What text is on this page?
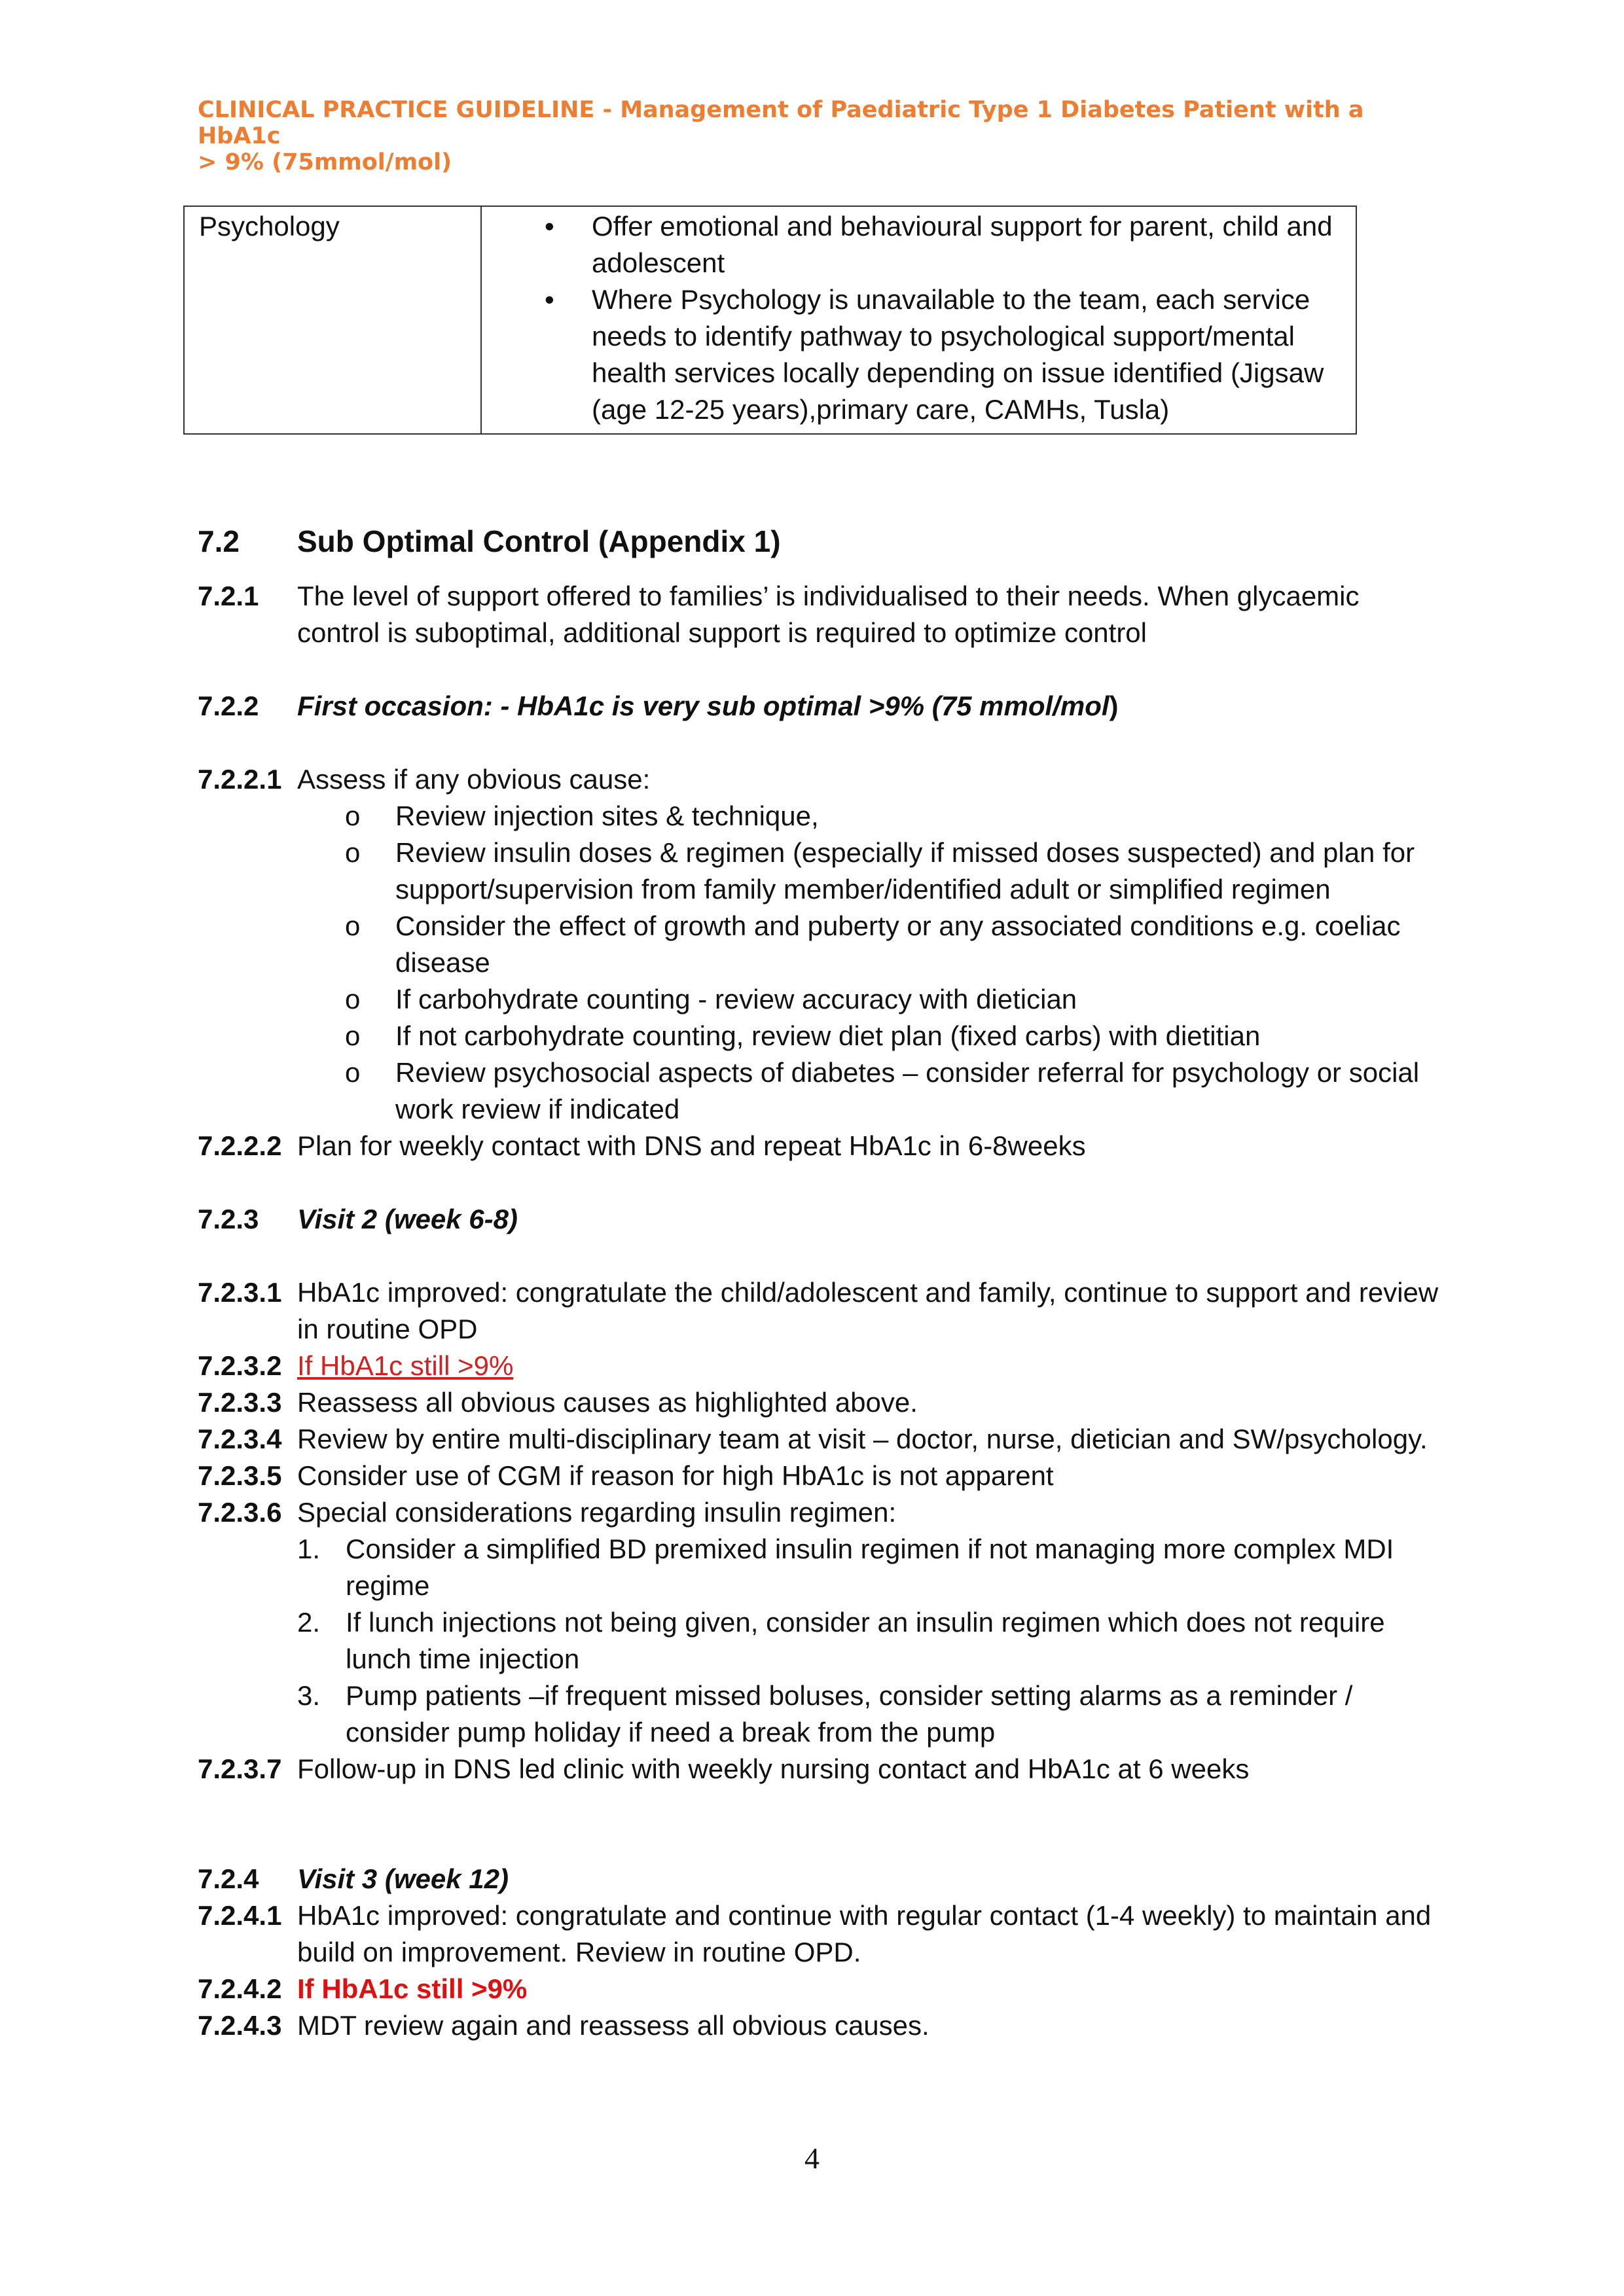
CLINICAL PRACTICE GUIDELINE - Management of Paediatric Type 1 Diabetes Patient with a HbA1c
> 9% (75mmol/mol)
Psychology	• Offer emotional and behavioural support for parent, child and adolescent
• Where Psychology is unavailable to the team, each service needs to identify pathway to psychological support/mental health services locally depending on issue identified (Jigsaw (age 12-25 years),primary care, CAMHs, Tusla)
7.2 Sub Optimal Control (Appendix 1)
7.2.1 The level of support offered to families’ is individualised to their needs. When glycaemic control is suboptimal, additional support is required to optimize control
7.2.2 First occasion: - HbA1c is very sub optimal >9% (75 mmol/mol)
7.2.2.1 Assess if any obvious cause:
o Review injection sites & technique,
o Review insulin doses & regimen (especially if missed doses suspected) and plan for support/supervision from family member/identified adult or simplified regimen
o Consider the effect of growth and puberty or any associated conditions e.g. coeliac disease
o If carbohydrate counting - review accuracy with dietician
o If not carbohydrate counting, review diet plan (fixed carbs) with dietitian
o Review psychosocial aspects of diabetes – consider referral for psychology or social work review if indicated
7.2.2.2 Plan for weekly contact with DNS and repeat HbA1c in 6-8weeks
7.2.3 Visit 2 (week 6-8)
7.2.3.1 HbA1c improved: congratulate the child/adolescent and family, continue to support and review in routine OPD
7.2.3.2 If HbA1c still >9%
7.2.3.3 Reassess all obvious causes as highlighted above.
7.2.3.4 Review by entire multi-disciplinary team at visit – doctor, nurse, dietician and SW/psychology.
7.2.3.5 Consider use of CGM if reason for high HbA1c is not apparent
7.2.3.6 Special considerations regarding insulin regimen:
1. Consider a simplified BD premixed insulin regimen if not managing more complex MDI regime
2. If lunch injections not being given, consider an insulin regimen which does not require lunch time injection
3. Pump patients –if frequent missed boluses, consider setting alarms as a reminder / consider pump holiday if need a break from the pump
7.2.3.7 Follow-up in DNS led clinic with weekly nursing contact and HbA1c at 6 weeks
7.2.4 Visit 3 (week 12)
7.2.4.1 HbA1c improved: congratulate and continue with regular contact (1-4 weekly) to maintain and build on improvement. Review in routine OPD.
7.2.4.2 If HbA1c still >9%
7.2.4.3 MDT review again and reassess all obvious causes.
4
